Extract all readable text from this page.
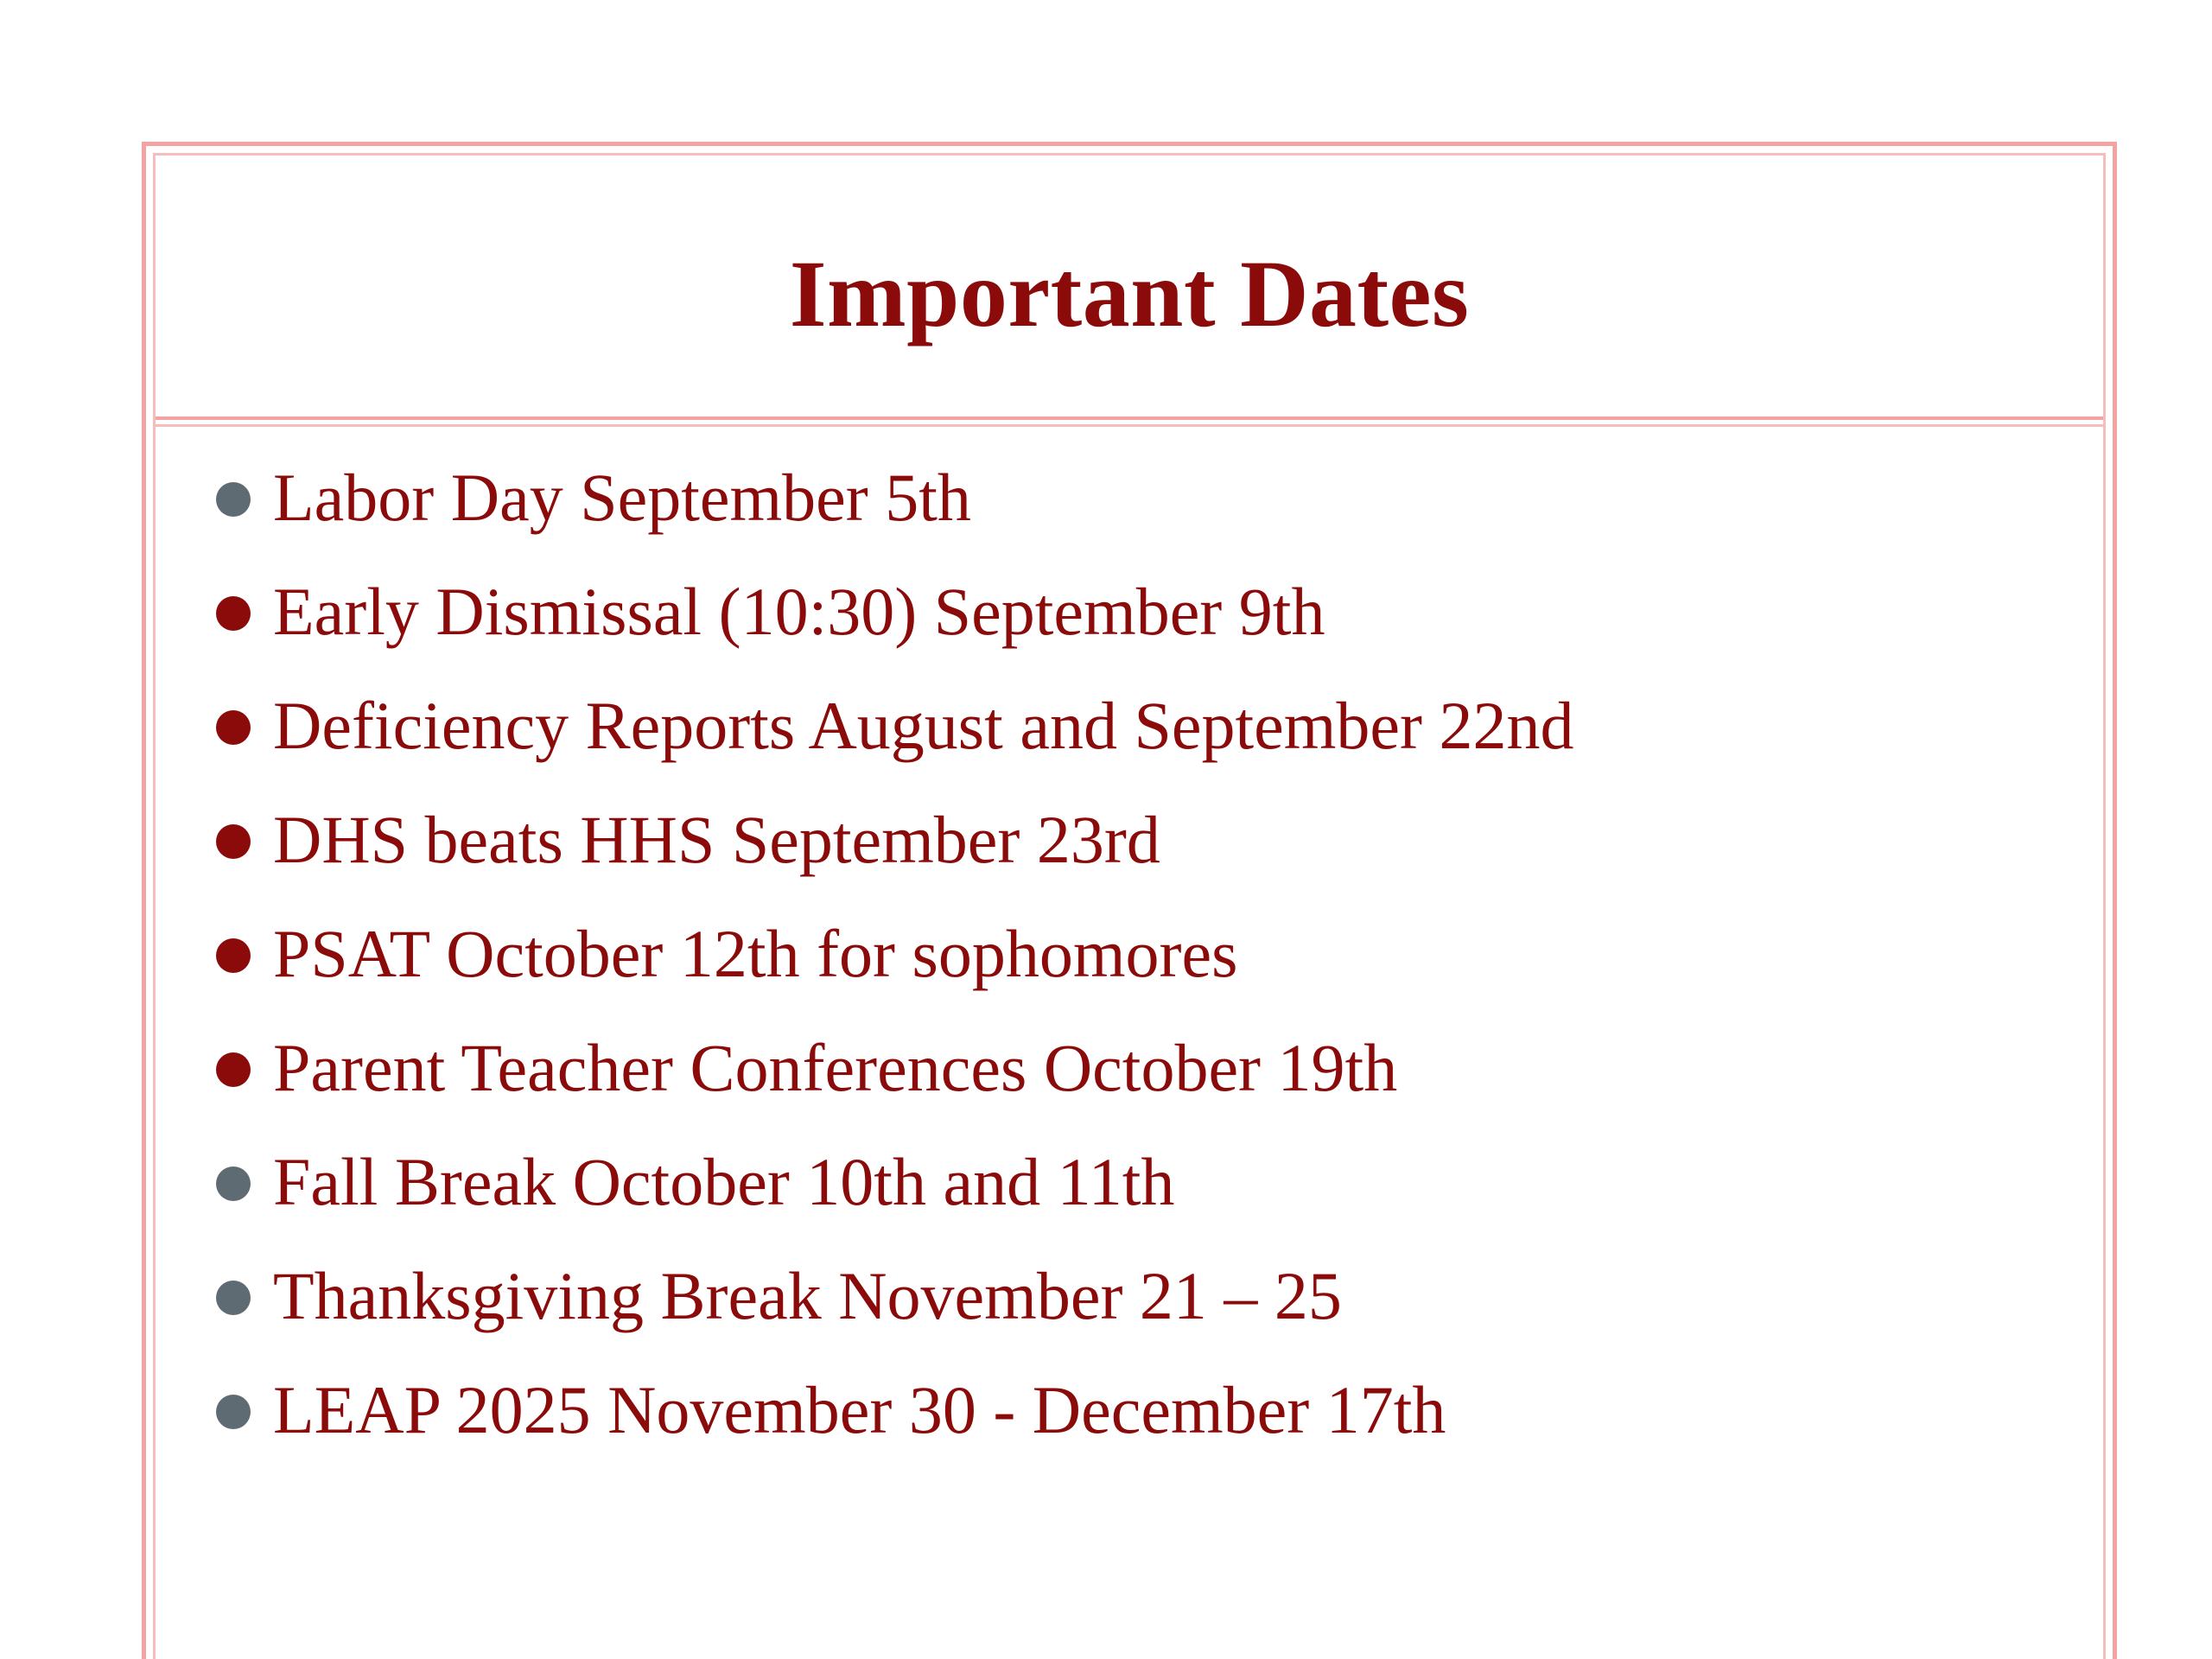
Important Dates
Labor Day September 5th
Early Dismissal (10:30) September 9th
Deficiency Reports August and September 22nd
DHS beats HHS September 23rd
PSAT October 12th for sophomores
Parent Teacher Conferences October 19th
Fall Break October 10th and 11th
Thanksgiving Break November 21 – 25
LEAP 2025 November 30 - December 17th
